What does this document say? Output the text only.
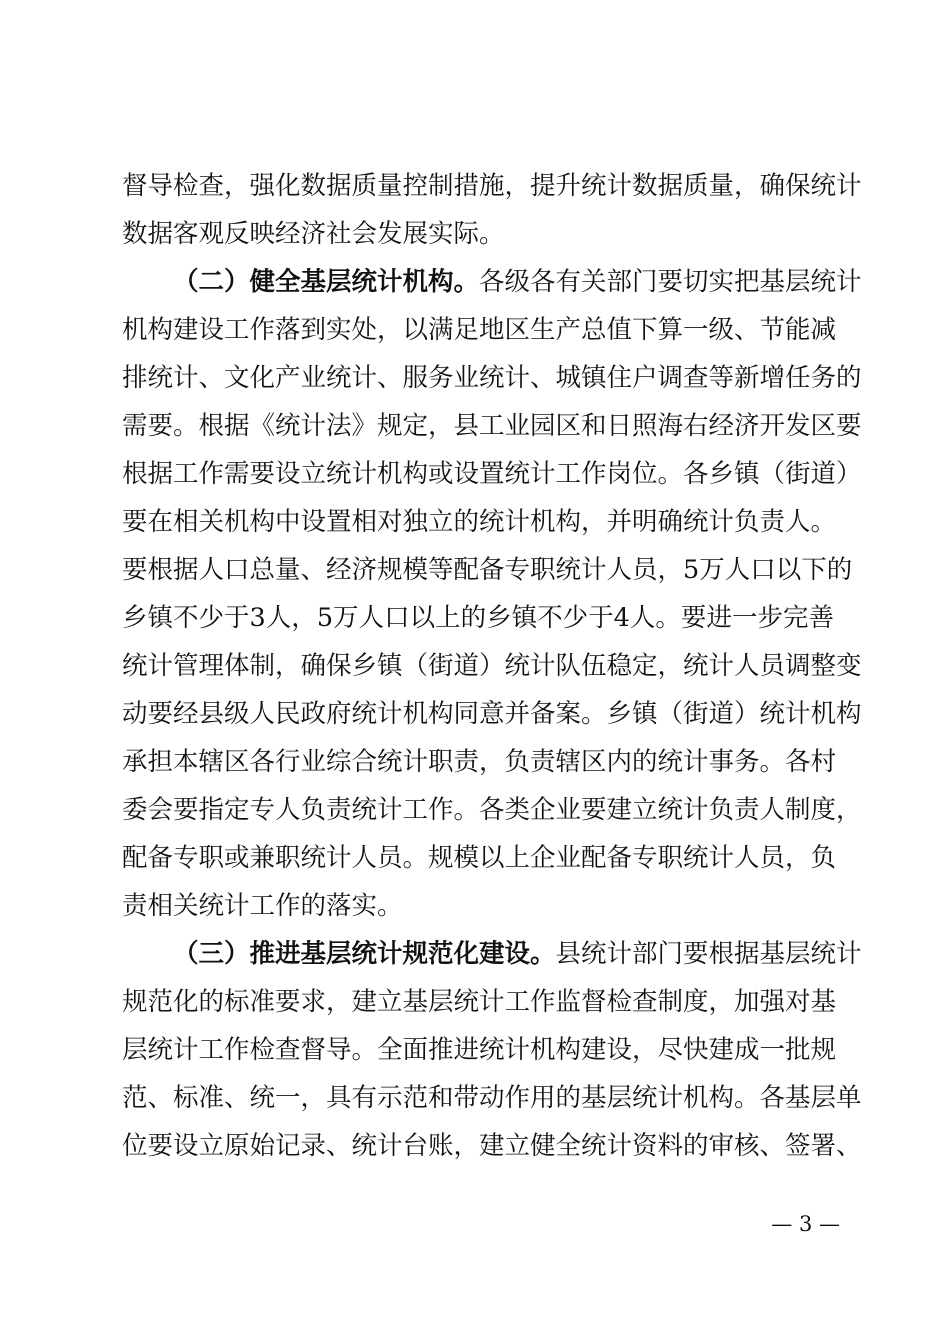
督导检查，强化数据质量控制措施，提升统计数据质量，确保统计
数据客观反映经济社会发展实际。
（二）健全基层统计机构。各级各有关部门要切实把基层统计
机构建设工作落到实处，以满足地区生产总值下算一级、节能减
排统计、文化产业统计、服务业统计、城镇住户调查等新增任务的
需要。根据《统计法》规定，县工业园区和日照海右经济开发区要
根据工作需要设立统计机构或设置统计工作岗位。各乡镇（街道）
要在相关机构中设置相对独立的统计机构，并明确统计负责人。
要根据人口总量、经济规模等配备专职统计人员，5万人口以下的
乡镇不少于3人，5万人口以上的乡镇不少于4人。要进一步完善
统计管理体制，确保乡镇（街道）统计队伍稳定，统计人员调整变
动要经县级人民政府统计机构同意并备案。乡镇（街道）统计机构
承担本辖区各行业综合统计职责，负责辖区内的统计事务。各村
委会要指定专人负责统计工作。各类企业要建立统计负责人制度，
配备专职或兼职统计人员。规模以上企业配备专职统计人员，负
责相关统计工作的落实。
（三）推进基层统计规范化建设。县统计部门要根据基层统计
规范化的标准要求，建立基层统计工作监督检查制度，加强对基
层统计工作检查督导。全面推进统计机构建设，尽快建成一批规
范、标准、统一，具有示范和带动作用的基层统计机构。各基层单
位要设立原始记录、统计台账，建立健全统计资料的审核、签署、
— 3 —
